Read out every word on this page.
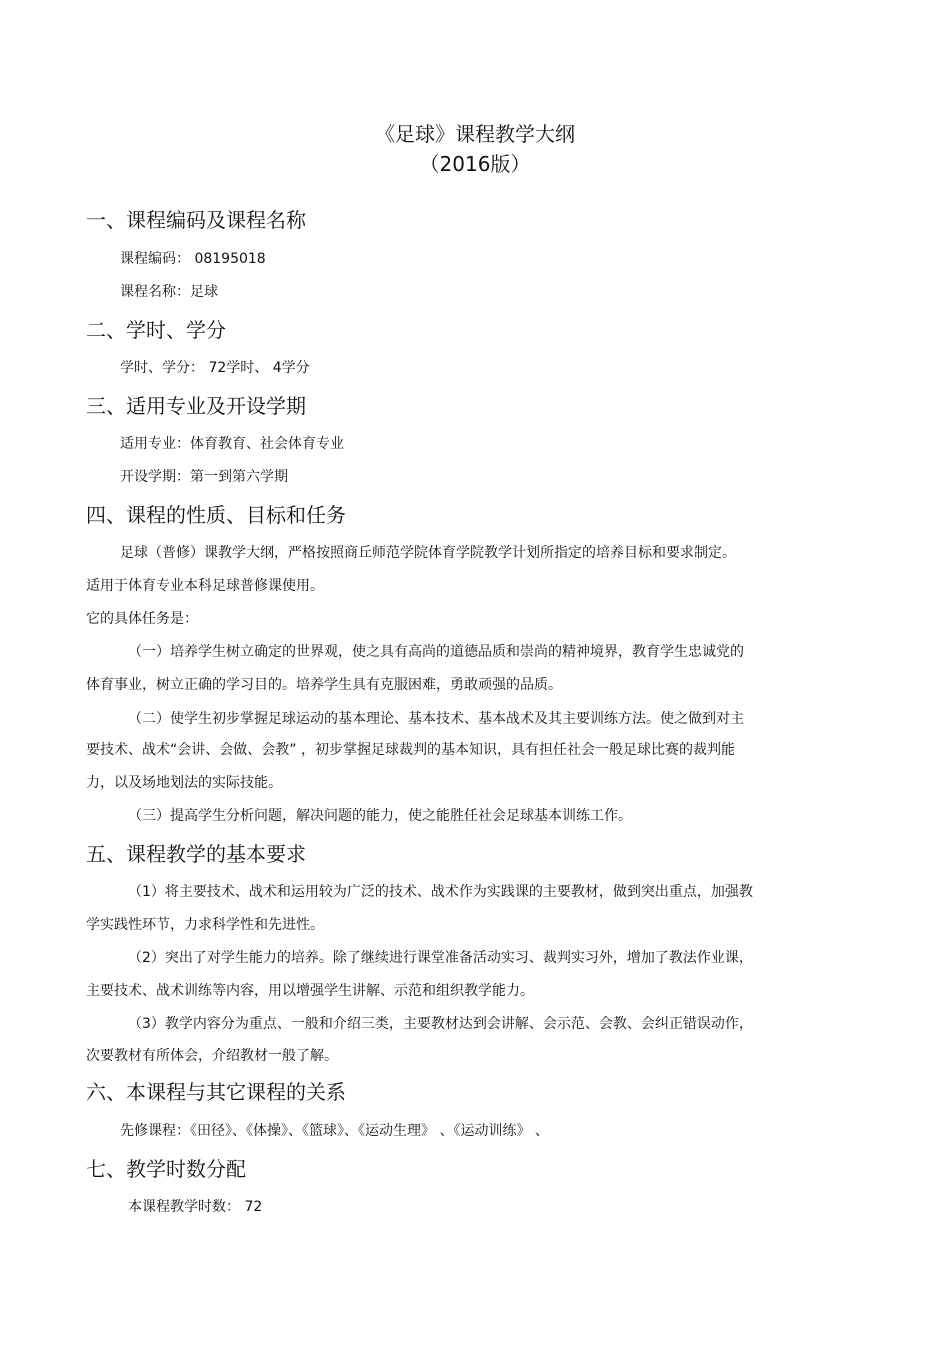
《足球》课程教学大纲
（2016版）
一、课程编码及课程名称
课程编码： 08195018
课程名称：足球
二、学时、学分
学时、学分： 72学时、 4学分
三、适用专业及开设学期
适用专业：体育教育、社会体育专业
开设学期：第一到第六学期
四、课程的性质、目标和任务
足球（普修）课教学大纲，严格按照商丘师范学院体育学院教学计划所指定的培养目标和要求制定。
适用于体育专业本科足球普修课使用。
它的具体任务是：
（一）培养学生树立确定的世界观，使之具有高尚的道德品质和崇尚的精神境界，教育学生忠诚党的
体育事业，树立正确的学习目的。培养学生具有克服困难，勇敢顽强的品质。
（二）使学生初步掌握足球运动的基本理论、基本技术、基本战术及其主要训练方法。使之做到对主
要技术、战术“会讲、会做、会教” ，初步掌握足球裁判的基本知识，具有担任社会一般足球比赛的裁判能
力，以及场地划法的实际技能。
（三）提高学生分析问题，解决问题的能力，使之能胜任社会足球基本训练工作。
五、课程教学的基本要求
（1）将主要技术、战术和运用较为广泛的技术、战术作为实践课的主要教材，做到突出重点，加强教
学实践性环节，力求科学性和先进性。
（2）突出了对学生能力的培养。除了继续进行课堂准备活动实习、裁判实习外，增加了教法作业课，
主要技术、战术训练等内容，用以增强学生讲解、示范和组织教学能力。
（3）教学内容分为重点、一般和介绍三类，主要教材达到会讲解、会示范、会教、会纠正错误动作，
次要教材有所体会，介绍教材一般了解。
六、本课程与其它课程的关系
先修课程：《田径》、《体操》、《篮球》、《运动生理》 、《运动训练》 、
七、教学时数分配
本课程教学时数： 72
